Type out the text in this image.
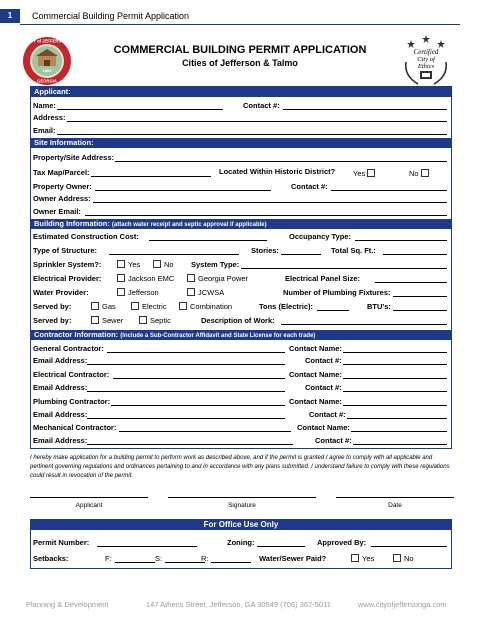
1	Commercial Building Permit Application
CITY of JEFFERSON
1806
GEORGIA
Certified
City of
Ethics
COMMERCIAL BUILDING PERMIT APPLICATION
Cities of Jefferson & Talmo
Applicant:
Name:	Contact #:
Address:
Email:
Site Information:
Property/Site Address:
Tax Map/Parcel:	Located Within Historic District? Yes	No
Property Owner:	Contact #:
Owner Address:
Owner Email:
Building Information: (attach water receipt and septic approval if applicable)
Estimated Construction Cost:	Occupancy Type:
Type of Structure:	Stories:	Total Sq. Ft.:
Sprinkler System?:	Yes	No System Type:
Electrical Provider:	Jackson EMC	Georgia Power	Electrical Panel Size:
Water Provider:	Jefferson	JCWSA	Number of Plumbing Fixtures:
Served by:	Gas	Electric	Combination	Tons (Electric):	BTU's:
Served by:	Sewer	Septic	Description of Work:
Contractor Information: (Include a Sub-Contractor Affidavit and State License for each trade)
General Contractor:	Contact Name:
Email Address:	Contact #:
Electrical Contractor:	Contact Name:
Email Address:	Contact #:
Plumbing Contractor:	Contact Name:
Email Address:	Contact #:
Mechanical Contractor:	Contact Name:
Email Address:	Contact #:
I hereby make application for a building permit to perform work as described above, and if the permit is granted I agree to comply with all applicable and pertinent governing regulations and ordinances pertaining to and in accordance with any plans submitted. I understand failure to comply with these regulations could result in revocation of the permit.
Applicant	Signature	Date
For Office Use Only
Permit Number:	Zoning:	Approved By:
Setbacks:	F:	S:	R:	Water/Sewer Paid?	Yes	No
Planning & Development	147 Athens Street, Jefferson, GA 30549 (706) 367-5011	www.cityofjeffersonga.com
